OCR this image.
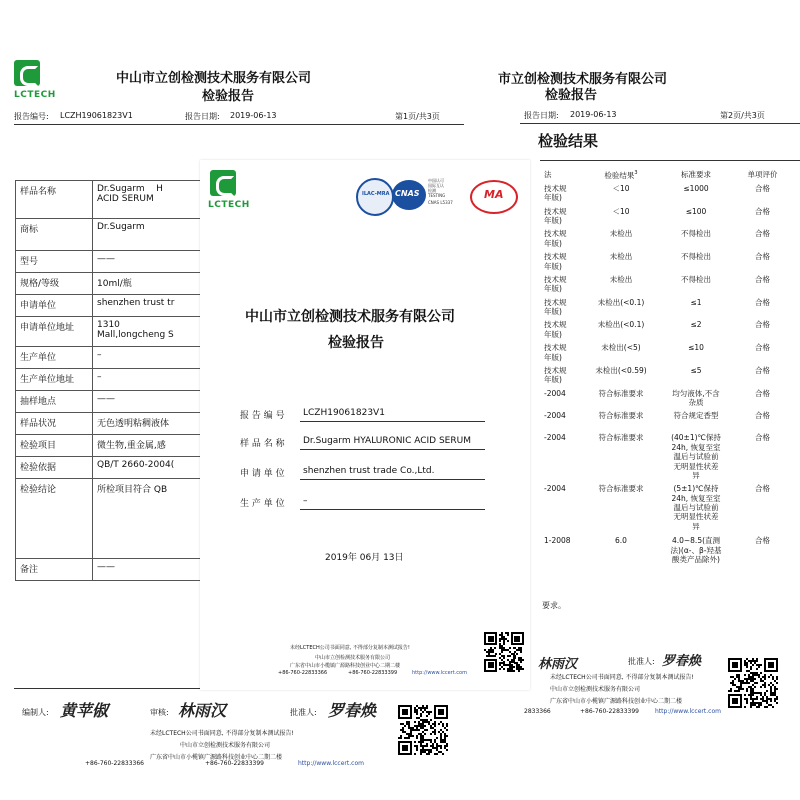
市立创检测技术服务有限公司
检验报告
报告日期: 2019-06-13	第2页/共3页
检验结果
法	检验结果$^3$	标准要求	单项评价
技术规
年版)	＜10	≤1000	合格
技术规
年版)	＜10	≤100	合格
技术规
年版)	未检出	不得检出	合格
技术规
年版)	未检出	不得检出	合格
技术规
年版)	未检出	不得检出	合格
技术规
年版)	未检出(<0.1)	≤1	合格
技术规
年版)	未检出(<0.1)	≤2	合格
技术规
年版)	未检出(<5)	≤10	合格
技术规
年版)	未检出(<0.59)	≤5	合格
-2004	符合标准要求	均匀液体,不含
杂质	合格
-2004	符合标准要求	符合规定香型	合格
-2004	符合标准要求	(40±1)℃保持
24h, 恢复至室
温后与试验前
无明显性状差
异	合格
-2004	符合标准要求	(5±1)℃保持
24h, 恢复至室
温后与试验前
无明显性状差
异	合格
1-2008	6.0	4.0~8.5(直测
法)(α-、β-羟基
酸类产品除外)	合格
要求。
林雨汉	批准人: 罗春焕
未经LCTECH公司书面同意, 不得部分复制本测试报告!
中山市立创检测技术服务有限公司
广东省中山市小榄镇广源路科技创业中心二期二楼
2833366	+86-760-22833399	http://www.lccert.com
LCTECH
中山市立创检测技术服务有限公司
检验报告
报告编号: LCZH19061823V1	报告日期: 2019-06-13	第1页/共3页
样品名称	Dr.Sugarm    H
ACID SERUM
商标	Dr.Sugarm
型号	——
规格/等级	10ml/瓶
申请单位	shenzhen trust tr
申请单位地址	1310
Mall,longcheng S
生产单位	–
生产单位地址	–
抽样地点	——
样品状况	无色透明粘稠液体
检验项目	微生物,重金属,感
检验依据	QB/T 2660-2004(
检验结论	所检项目符合 QB
备注	——
编制人: 黄苹俶	审核: 林雨汉	批准人: 罗春焕
未经LCTECH公司书面同意, 不得部分复制本测试报告!
中山市立创检测技术服务有限公司
广东省中山市小榄镇广源路科技创业中心二期二楼
+86-760-22833366	+86-760-22833399	http://www.lccert.com
LCTECH
ILAC-MRA CNAS
中国认可
国际互认
检测
TESTING
CNAS L5337
MA
中山市立创检测技术服务有限公司
检验报告
报 告 编 号 LCZH19061823V1
样 品 名 称 Dr.Sugarm HYALURONIC ACID SERUM
申 请 单 位 shenzhen trust trade Co.,Ltd.
生 产 单 位 –
2019年 06月 13日
未经LCTECH公司书面同意, 不得部分复制本测试报告!
中山市立创检测技术服务有限公司
广东省中山市小榄镇广源路科技创业中心二期二楼
+86-760-22833366	+86-760-22833399	http://www.lccert.com
